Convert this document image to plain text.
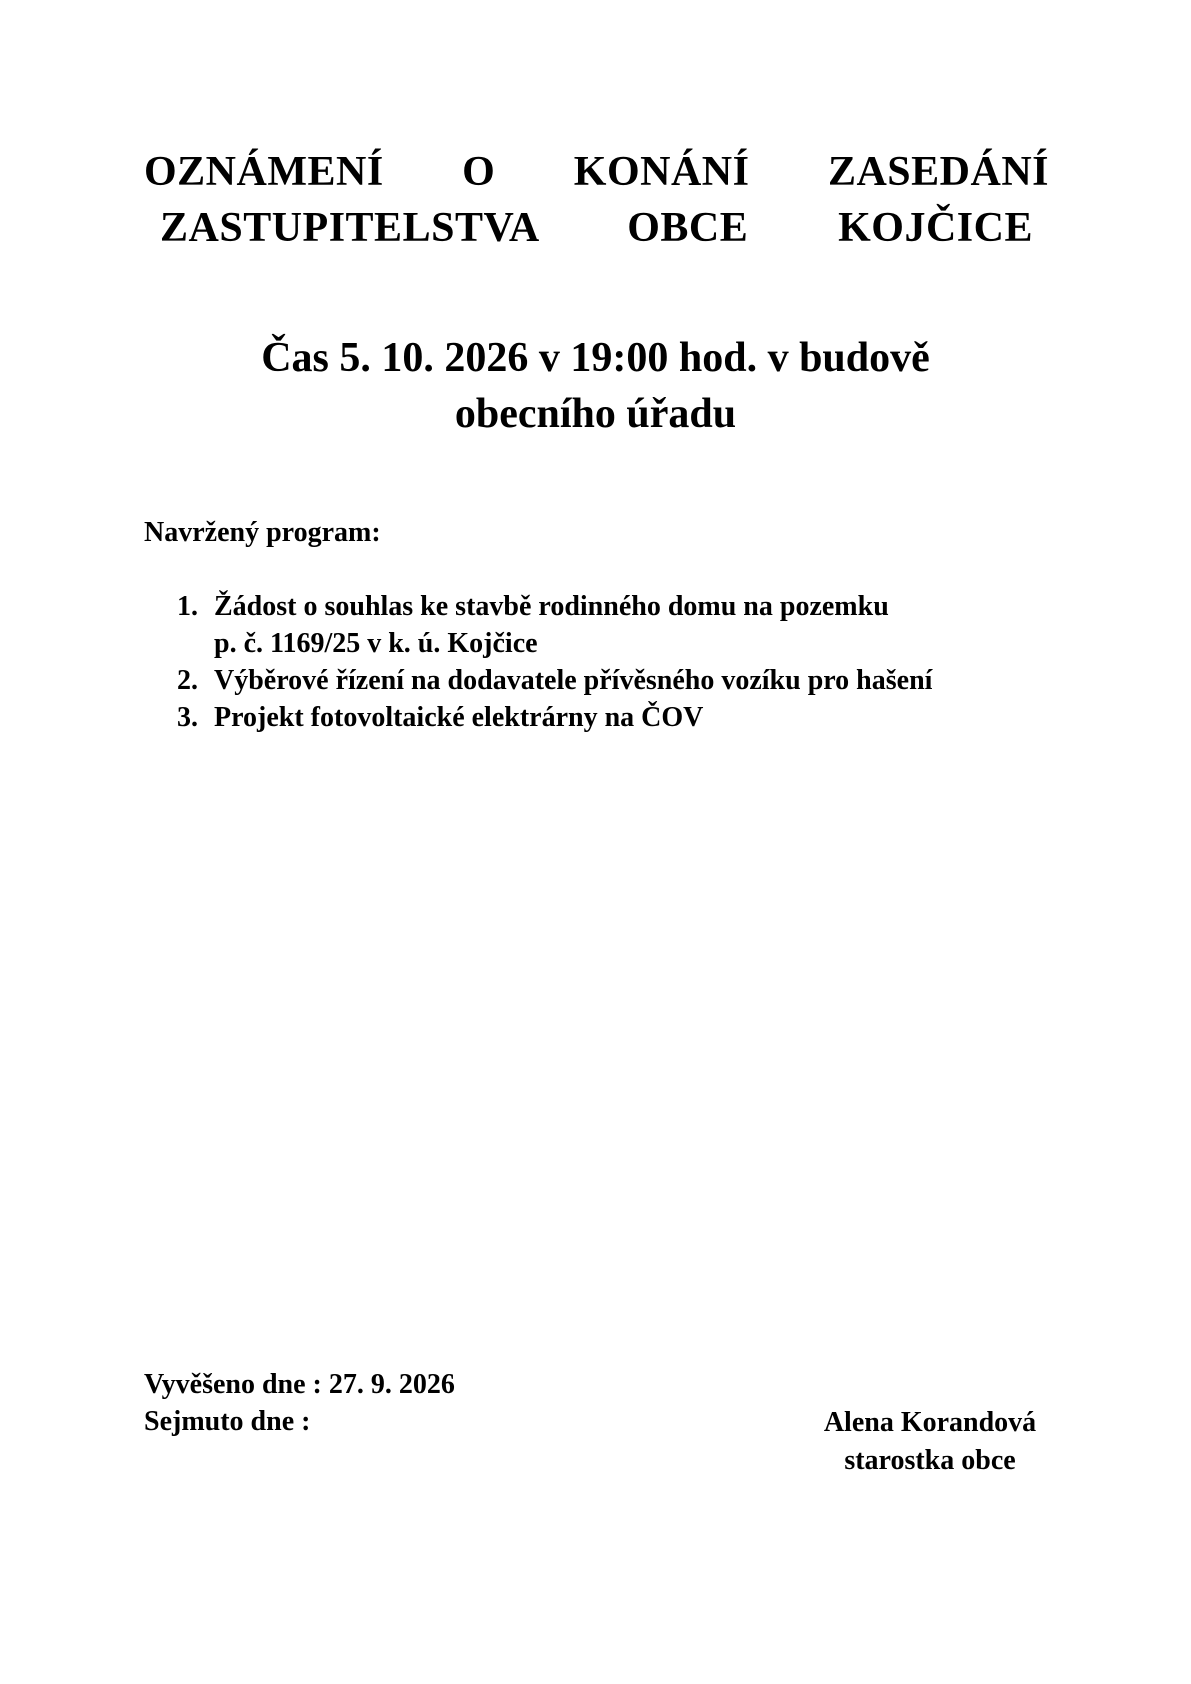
OZNÁMENÍ O KONÁNÍ ZASEDÁNÍ
ZASTUPITELSTVA OBCE KOJČICE
Čas 5. 10. 2026 v 19:00 hod. v budově
obecního úřadu
Navržený program:
1. Žádost o souhlas ke stavbě rodinného domu na pozemku
p. č. 1169/25 v k. ú. Kojčice
2. Výběrové řízení na dodavatele přívěsného vozíku pro hašení
3. Projekt fotovoltaické elektrárny na ČOV
Vyvěšeno dne : 27. 9. 2026
Sejmuto dne :	Alena Korandová
starostka obce
